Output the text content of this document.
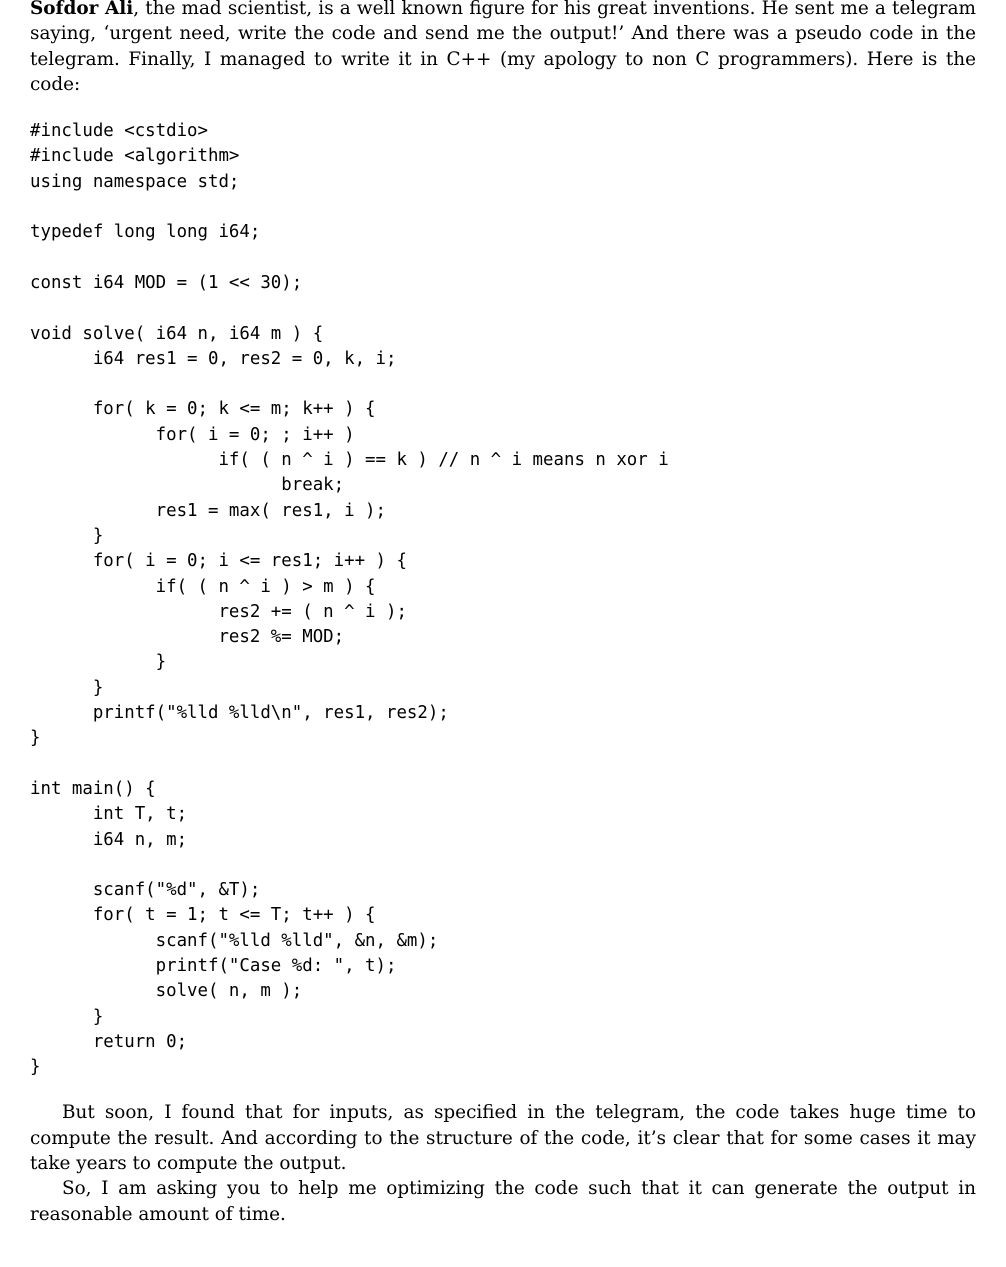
Sofdor Ali, the mad scientist, is a well known figure for his great inventions. He sent me a telegram saying, ‘urgent need, write the code and send me the output!’ And there was a pseudo code in the telegram. Finally, I managed to write it in C++ (my apology to non C programmers). Here is the code:

#include <cstdio>
#include <algorithm>
using namespace std;

typedef long long i64;

const i64 MOD = (1 << 30);

void solve( i64 n, i64 m ) {
i64 res1 = 0, res2 = 0, k, i;

for( k = 0; k <= m; k++ ) {
for( i = 0; ; i++ )
if( ( n ^ i ) == k ) // n ^ i means n xor i
break;
res1 = max( res1, i );
}
for( i = 0; i <= res1; i++ ) {
if( ( n ^ i ) > m ) {
res2 += ( n ^ i );
res2 %= MOD;
}
}
printf("%lld %lld\n", res1, res2);
}

int main() {
int T, t;
i64 n, m;

scanf("%d", &T);
for( t = 1; t <= T; t++ ) {
scanf("%lld %lld", &n, &m);
printf("Case %d: ", t);
solve( n, m );
}
return 0;
}

But soon, I found that for inputs, as specified in the telegram, the code takes huge time to compute the result. And according to the structure of the code, it’s clear that for some cases it may take years to compute the output.

So, I am asking you to help me optimizing the code such that it can generate the output in reasonable amount of time.
